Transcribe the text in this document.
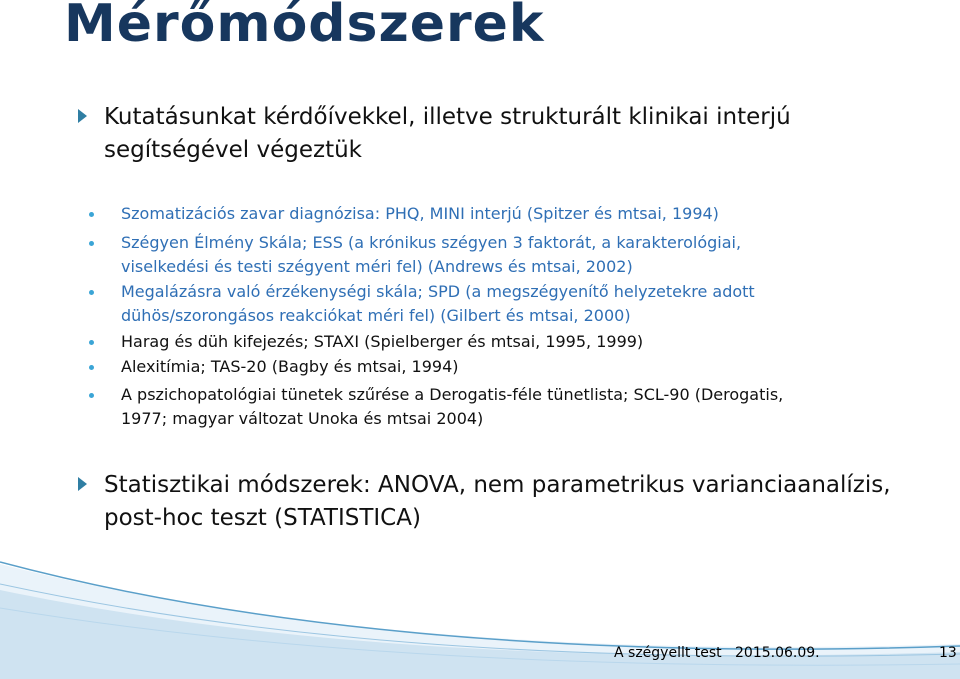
Mérőmódszerek
Kutatásunkat kérdőívekkel, illetve strukturált klinikai interjú
segítségével végeztük
Szomatizációs zavar diagnózisa: PHQ, MINI interjú (Spitzer és mtsai, 1994)
Szégyen Élmény Skála; ESS (a krónikus szégyen 3 faktorát, a karakterológiai,
viselkedési és testi szégyent méri fel) (Andrews és mtsai, 2002)
Megalázásra való érzékenységi skála; SPD (a megszégyenítő helyzetekre adott
dühös/szorongásos reakciókat méri fel) (Gilbert és mtsai, 2000)
Harag és düh kifejezés; STAXI (Spielberger és mtsai, 1995, 1999)
Alexitímia; TAS-20 (Bagby és mtsai, 1994)
A pszichopatológiai tünetek szűrése a Derogatis-féle tünetlista; SCL-90 (Derogatis,
1977; magyar változat Unoka és mtsai 2004)
Statisztikai módszerek: ANOVA, nem parametrikus varianciaanalízis,
post-hoc teszt (STATISTICA)
A szégyellt test 2015.06.09.	13
